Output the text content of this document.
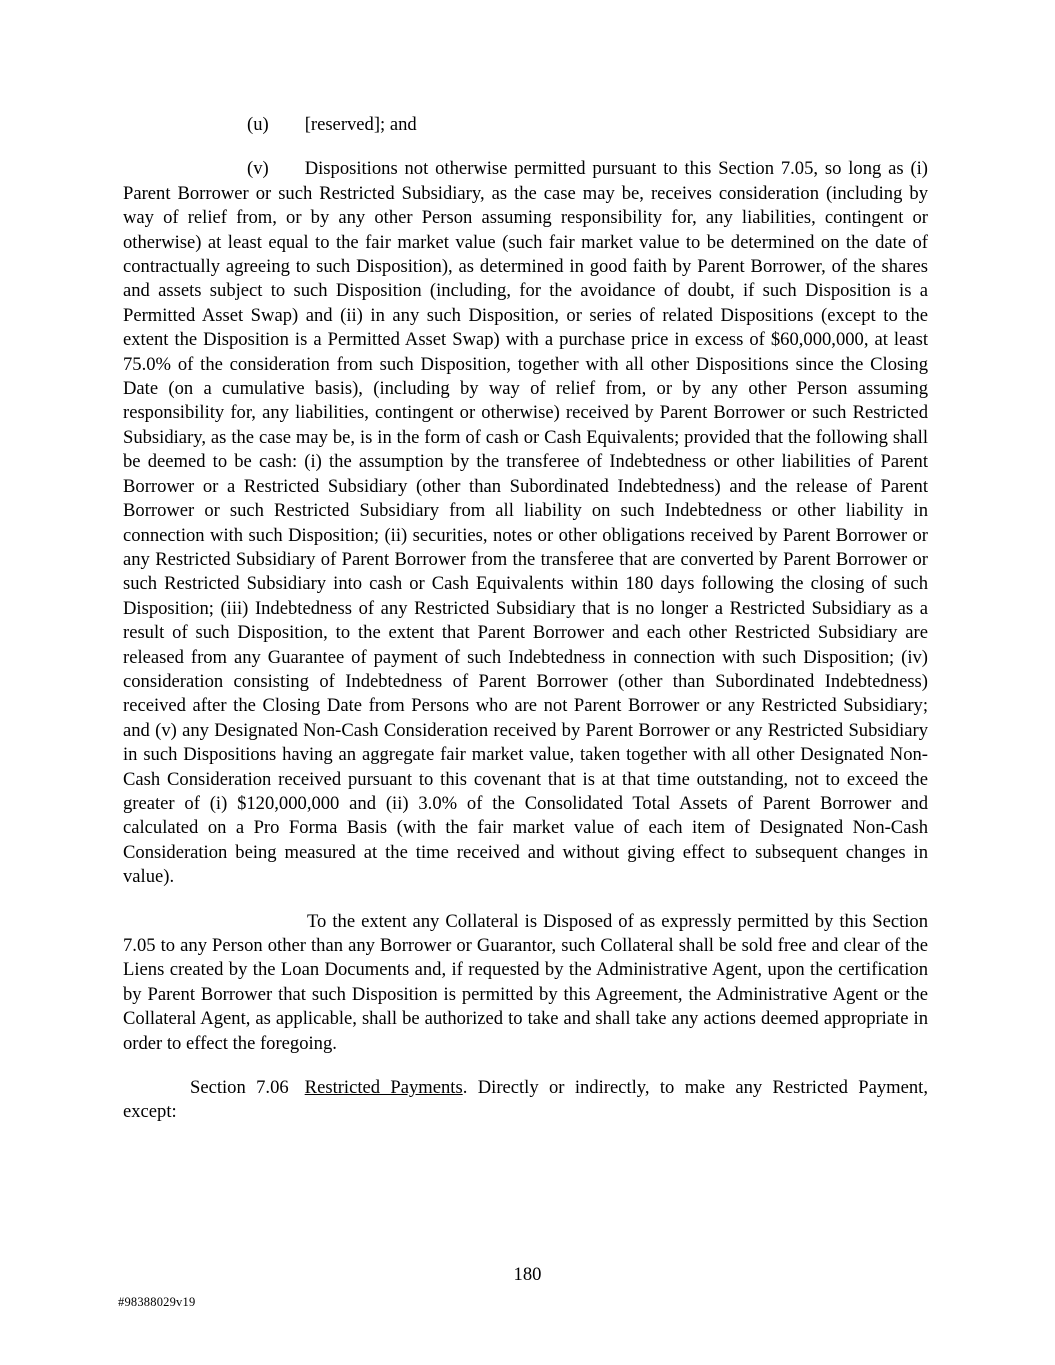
(u) [reserved]; and

(v) Dispositions not otherwise permitted pursuant to this Section 7.05, so long as (i) Parent Borrower or such Restricted Subsidiary, as the case may be, receives consideration (including by way of relief from, or by any other Person assuming responsibility for, any liabilities, contingent or otherwise) at least equal to the fair market value (such fair market value to be determined on the date of contractually agreeing to such Disposition), as determined in good faith by Parent Borrower, of the shares and assets subject to such Disposition (including, for the avoidance of doubt, if such Disposition is a Permitted Asset Swap) and (ii) in any such Disposition, or series of related Dispositions (except to the extent the Disposition is a Permitted Asset Swap) with a purchase price in excess of $60,000,000, at least 75.0% of the consideration from such Disposition, together with all other Dispositions since the Closing Date (on a cumulative basis), (including by way of relief from, or by any other Person assuming responsibility for, any liabilities, contingent or otherwise) received by Parent Borrower or such Restricted Subsidiary, as the case may be, is in the form of cash or Cash Equivalents; provided that the following shall be deemed to be cash: (i) the assumption by the transferee of Indebtedness or other liabilities of Parent Borrower or a Restricted Subsidiary (other than Subordinated Indebtedness) and the release of Parent Borrower or such Restricted Subsidiary from all liability on such Indebtedness or other liability in connection with such Disposition; (ii) securities, notes or other obligations received by Parent Borrower or any Restricted Subsidiary of Parent Borrower from the transferee that are converted by Parent Borrower or such Restricted Subsidiary into cash or Cash Equivalents within 180 days following the closing of such Disposition; (iii) Indebtedness of any Restricted Subsidiary that is no longer a Restricted Subsidiary as a result of such Disposition, to the extent that Parent Borrower and each other Restricted Subsidiary are released from any Guarantee of payment of such Indebtedness in connection with such Disposition; (iv) consideration consisting of Indebtedness of Parent Borrower (other than Subordinated Indebtedness) received after the Closing Date from Persons who are not Parent Borrower or any Restricted Subsidiary; and (v) any Designated Non-Cash Consideration received by Parent Borrower or any Restricted Subsidiary in such Dispositions having an aggregate fair market value, taken together with all other Designated Non-Cash Consideration received pursuant to this covenant that is at that time outstanding, not to exceed the greater of (i) $120,000,000 and (ii) 3.0% of the Consolidated Total Assets of Parent Borrower and calculated on a Pro Forma Basis (with the fair market value of each item of Designated Non-Cash Consideration being measured at the time received and without giving effect to subsequent changes in value).

To the extent any Collateral is Disposed of as expressly permitted by this Section 7.05 to any Person other than any Borrower or Guarantor, such Collateral shall be sold free and clear of the Liens created by the Loan Documents and, if requested by the Administrative Agent, upon the certification by Parent Borrower that such Disposition is permitted by this Agreement, the Administrative Agent or the Collateral Agent, as applicable, shall be authorized to take and shall take any actions deemed appropriate in order to effect the foregoing.

Section 7.06 Restricted Payments. Directly or indirectly, to make any Restricted Payment, except:

180
#98388029v19
